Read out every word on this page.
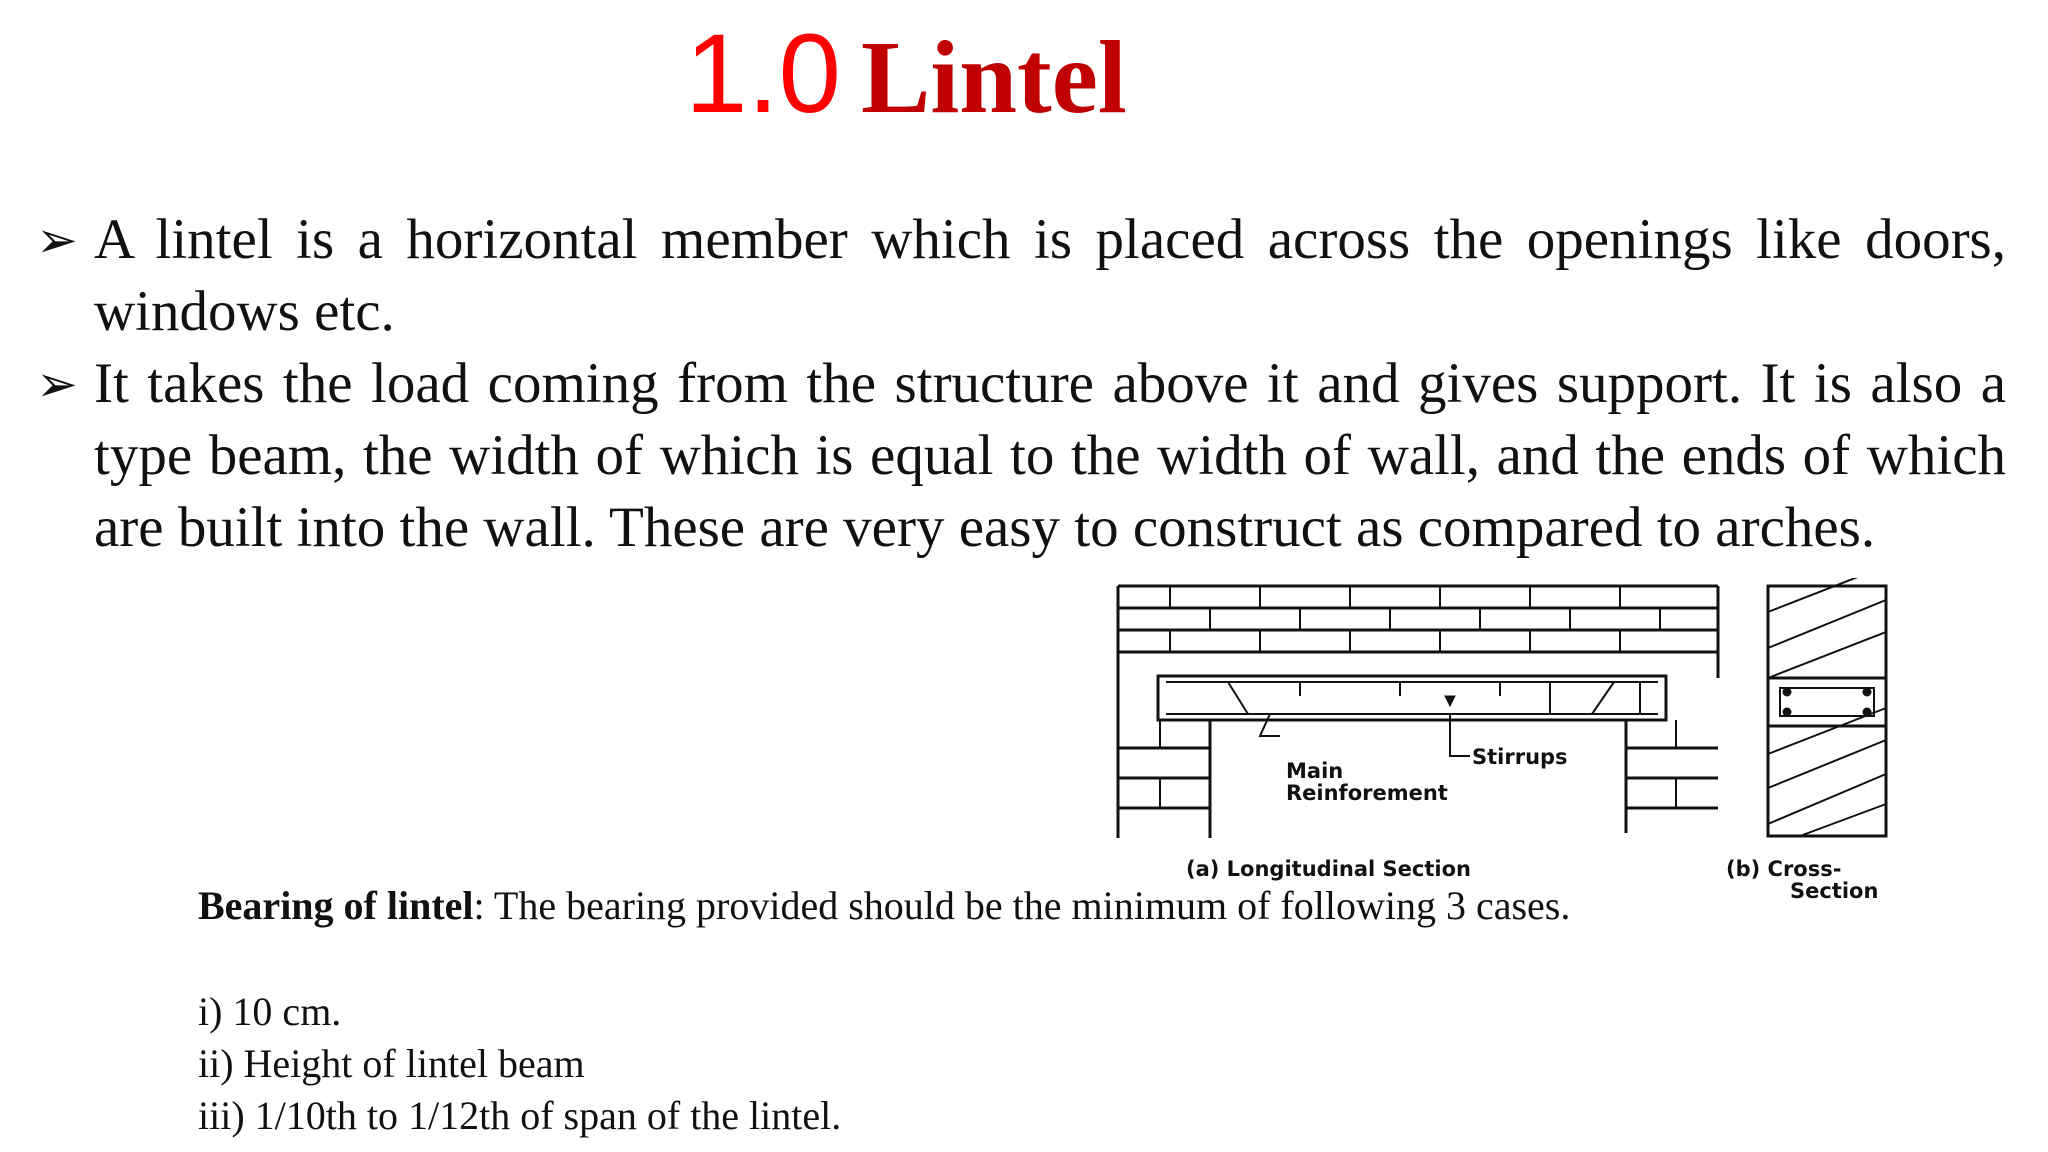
1.0 Lintel
➢ A lintel is a horizontal member which is placed across the openings like doors, windows etc.
➢ It takes the load coming from the structure above it and gives support. It is also a type beam, the width of which is equal to the width of wall, and the ends of which are built into the wall. These are very easy to construct as compared to arches.
Main
Reinforement
Stirrups
(a) Longitudinal Section	(b) Cross-
Section
Bearing of lintel: The bearing provided should be the minimum of following 3 cases.
i) 10 cm.
ii) Height of lintel beam
iii) 1/10th to 1/12th of span of the lintel.
